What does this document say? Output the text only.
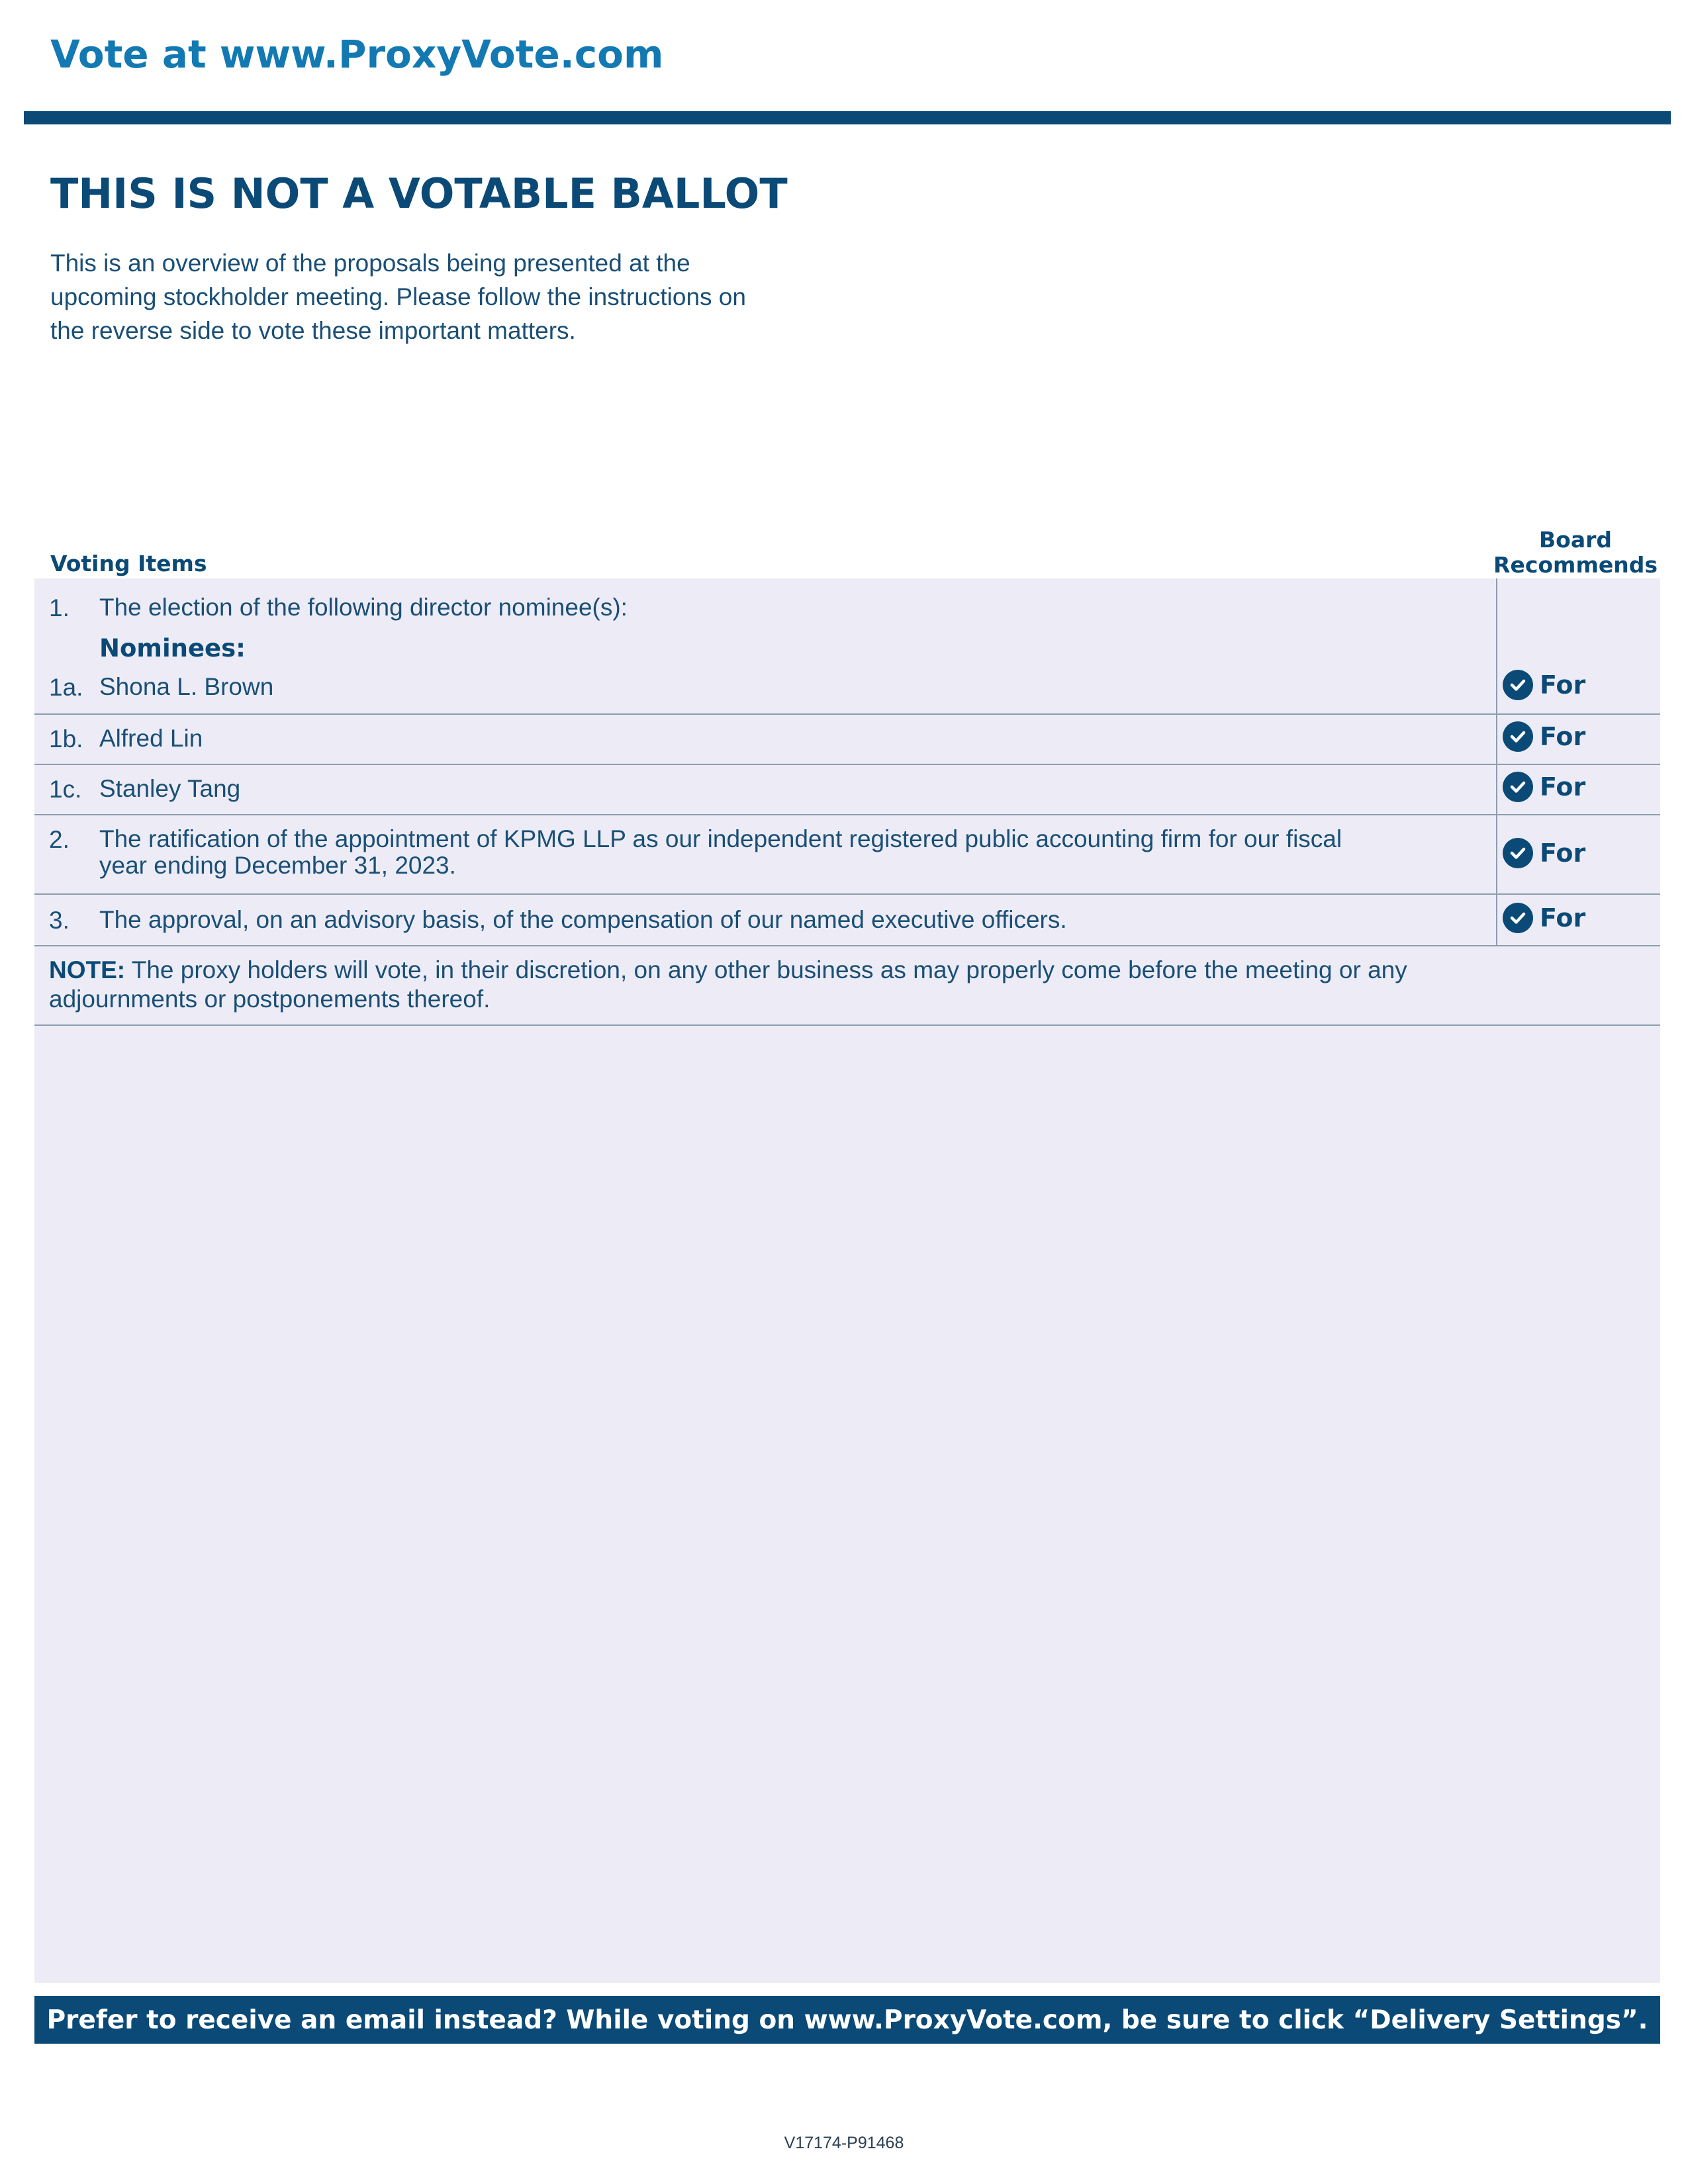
Vote at www.ProxyVote.com
THIS IS NOT A VOTABLE BALLOT
This is an overview of the proposals being presented at the
upcoming stockholder meeting. Please follow the instructions on
the reverse side to vote these important matters.
Voting Items
Board
Recommends
1. The election of the following director nominee(s):
Nominees:
1a. Shona L. Brown	For
1b. Alfred Lin	For
1c. Stanley Tang	For
2. The ratification of the appointment of KPMG LLP as our independent registered public accounting firm for our fiscal
year ending December 31, 2023.	For
3. The approval, on an advisory basis, of the compensation of our named executive officers.	For
NOTE: The proxy holders will vote, in their discretion, on any other business as may properly come before the meeting or any adjournments or postponements thereof.
Prefer to receive an email instead? While voting on www.ProxyVote.com, be sure to click “Delivery Settings”.
V17174-P91468
